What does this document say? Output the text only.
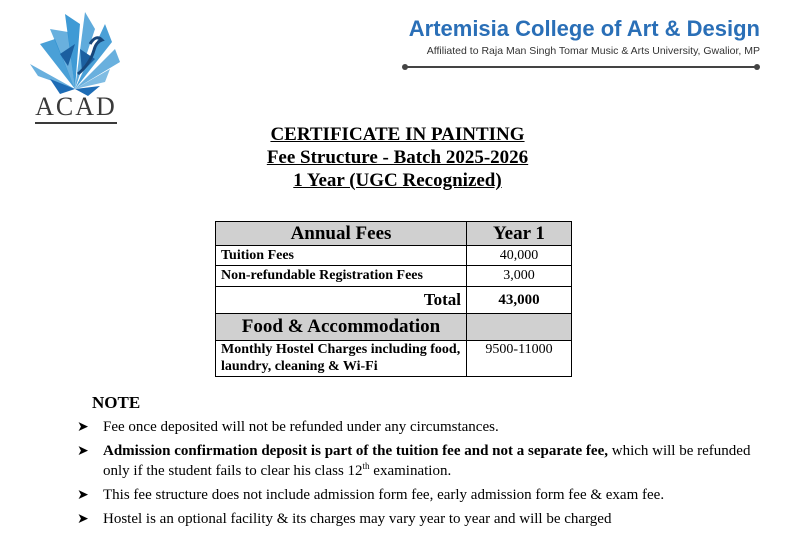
ACAD
Artemisia College of Art & Design
Affiliated to Raja Man Singh Tomar Music & Arts University, Gwalior, MP
CERTIFICATE IN PAINTING
Fee Structure - Batch 2025-2026
1 Year (UGC Recognized)
Annual Fees	Year 1
Tuition Fees	40,000
Non-refundable Registration Fees	3,000
Total	43,000
Food & Accommodation	
Monthly Hostel Charges including food, laundry, cleaning & Wi-Fi	9500-11000
NOTE
➤ Fee once deposited will not be refunded under any circumstances.
➤ Admission confirmation deposit is part of the tuition fee and not a separate fee, which will be refunded only if the student fails to clear his class 12th examination.
➤ This fee structure does not include admission form fee, early admission form fee & exam fee.
➤ Hostel is an optional facility & its charges may vary year to year and will be charged
